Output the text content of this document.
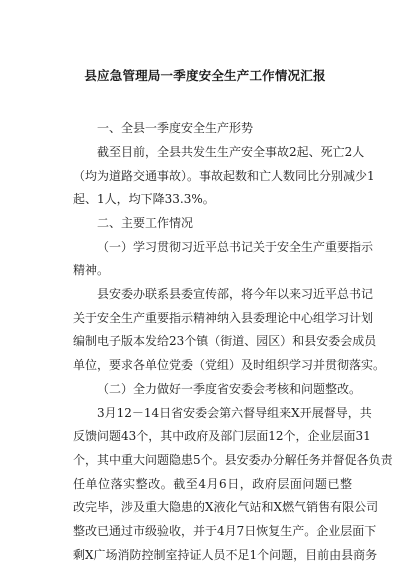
县应急管理局一季度安全生产工作情况汇报
一、全县一季度安全生产形势
截至目前，全县共发生生产安全事故2起、死亡2人
（均为道路交通事故）。事故起数和亡人数同比分别减少1
起、1人，均下降33.3%。
二、主要工作情况
（一）学习贯彻习近平总书记关于安全生产重要指示
精神。
县安委办联系县委宣传部，将今年以来习近平总书记
关于安全生产重要指示精神纳入县委理论中心组学习计划
编制电子版本发给23个镇（街道、园区）和县安委会成员
单位，要求各单位党委（党组）及时组织学习并贯彻落实。
（二）全力做好一季度省安委会考核和问题整改。
3月12－14日省安委会第六督导组来X开展督导，共
反馈问题43个，其中政府及部门层面12个，企业层面31
个，其中重大问题隐患5个。县安委办分解任务并督促各负责
任单位落实整改。截至4月6日，政府层面问题已整
改完毕，涉及重大隐患的X液化气站和X燃气销售有限公司
整改已通过市级验收，并于4月7日恢复生产。企业层面下
剩X广场消防控制室持证人员不足1个问题，目前由县商务
